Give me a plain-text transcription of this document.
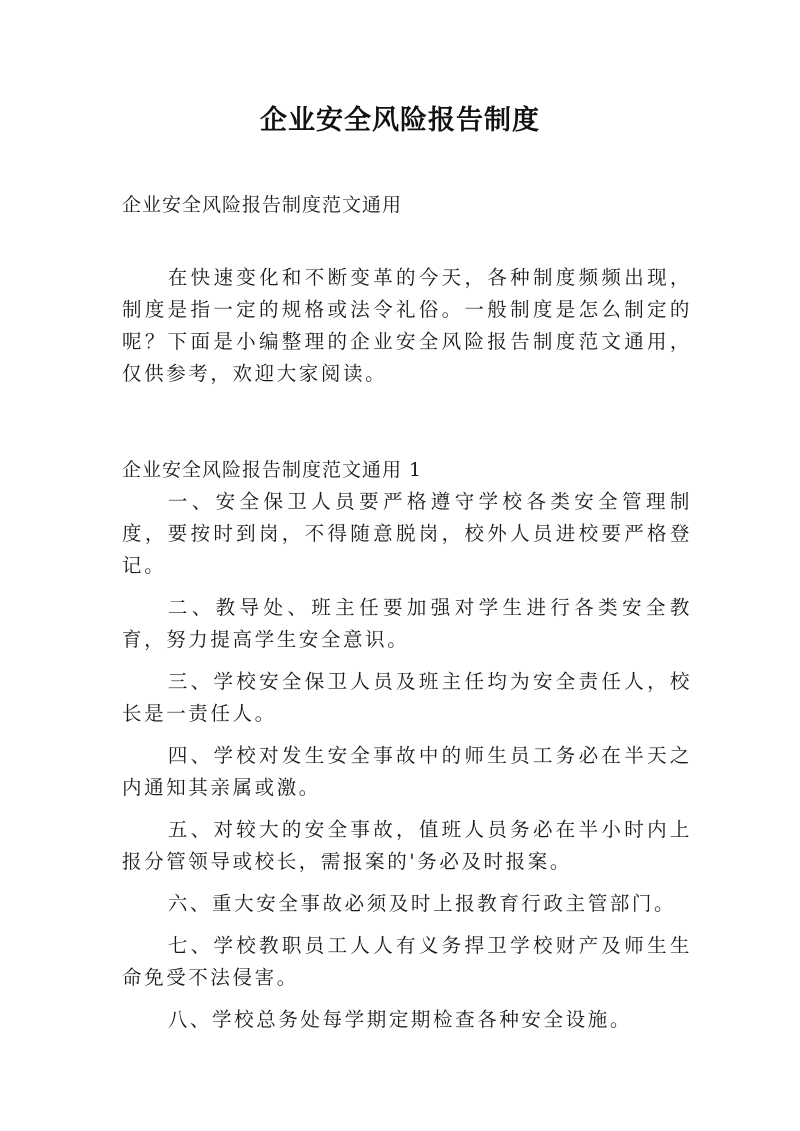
企业安全风险报告制度
企业安全风险报告制度范文通用

在快速变化和不断变革的今天，各种制度频频出现，制度是指一定的规格或法令礼俗。一般制度是怎么制定的呢？下面是小编整理的企业安全风险报告制度范文通用，仅供参考，欢迎大家阅读。

企业安全风险报告制度范文通用 1

一、安全保卫人员要严格遵守学校各类安全管理制度，要按时到岗，不得随意脱岗，校外人员进校要严格登记。

二、教导处、班主任要加强对学生进行各类安全教育，努力提高学生安全意识。

三、学校安全保卫人员及班主任均为安全责任人，校长是一责任人。

四、学校对发生安全事故中的师生员工务必在半天之内通知其亲属或激。

五、对较大的安全事故，值班人员务必在半小时内上报分管领导或校长，需报案的'务必及时报案。

六、重大安全事故必须及时上报教育行政主管部门。

七、学校教职员工人人有义务捍卫学校财产及师生生命免受不法侵害。

八、学校总务处每学期定期检查各种安全设施。
